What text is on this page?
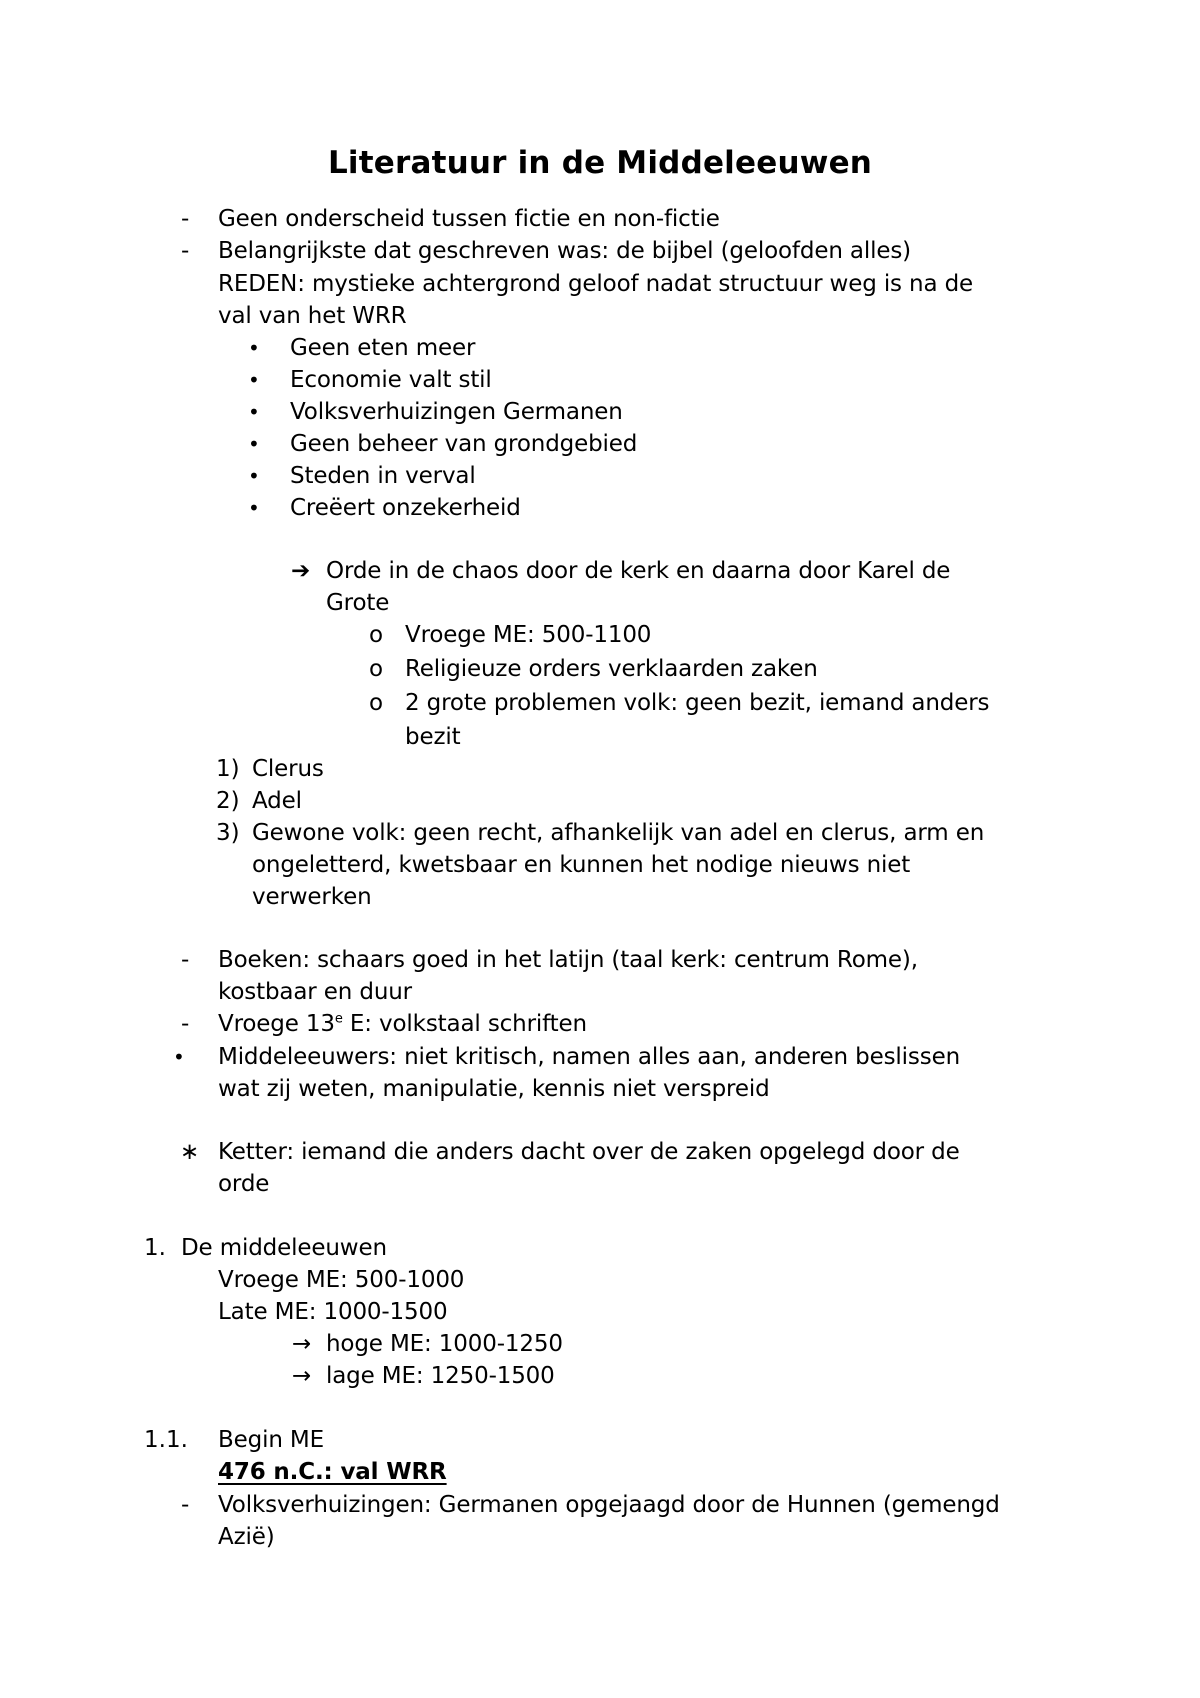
Literatuur in de Middeleeuwen
- Geen onderscheid tussen fictie en non-fictie
- Belangrijkste dat geschreven was: de bijbel (geloofden alles)
REDEN: mystieke achtergrond geloof nadat structuur weg is na de
val van het WRR
• Geen eten meer
• Economie valt stil
• Volksverhuizingen Germanen
• Geen beheer van grondgebied
• Steden in verval
• Creëert onzekerheid
➔ Orde in de chaos door de kerk en daarna door Karel de
Grote
o Vroege ME: 500-1100
o Religieuze orders verklaarden zaken
o 2 grote problemen volk: geen bezit, iemand anders
bezit
1) Clerus
2) Adel
3) Gewone volk: geen recht, afhankelijk van adel en clerus, arm en
ongeletterd, kwetsbaar en kunnen het nodige nieuws niet
verwerken
- Boeken: schaars goed in het latijn (taal kerk: centrum Rome),
kostbaar en duur
- Vroege 13e E: volkstaal schriften
• Middeleeuwers: niet kritisch, namen alles aan, anderen beslissen
wat zij weten, manipulatie, kennis niet verspreid
∗ Ketter: iemand die anders dacht over de zaken opgelegd door de
orde
1. De middeleeuwen
Vroege ME: 500-1000
Late ME: 1000-1500
→ hoge ME: 1000-1250
→ lage ME: 1250-1500
1.1. Begin ME
476 n.C.: val WRR
- Volksverhuizingen: Germanen opgejaagd door de Hunnen (gemengd
Azië)
